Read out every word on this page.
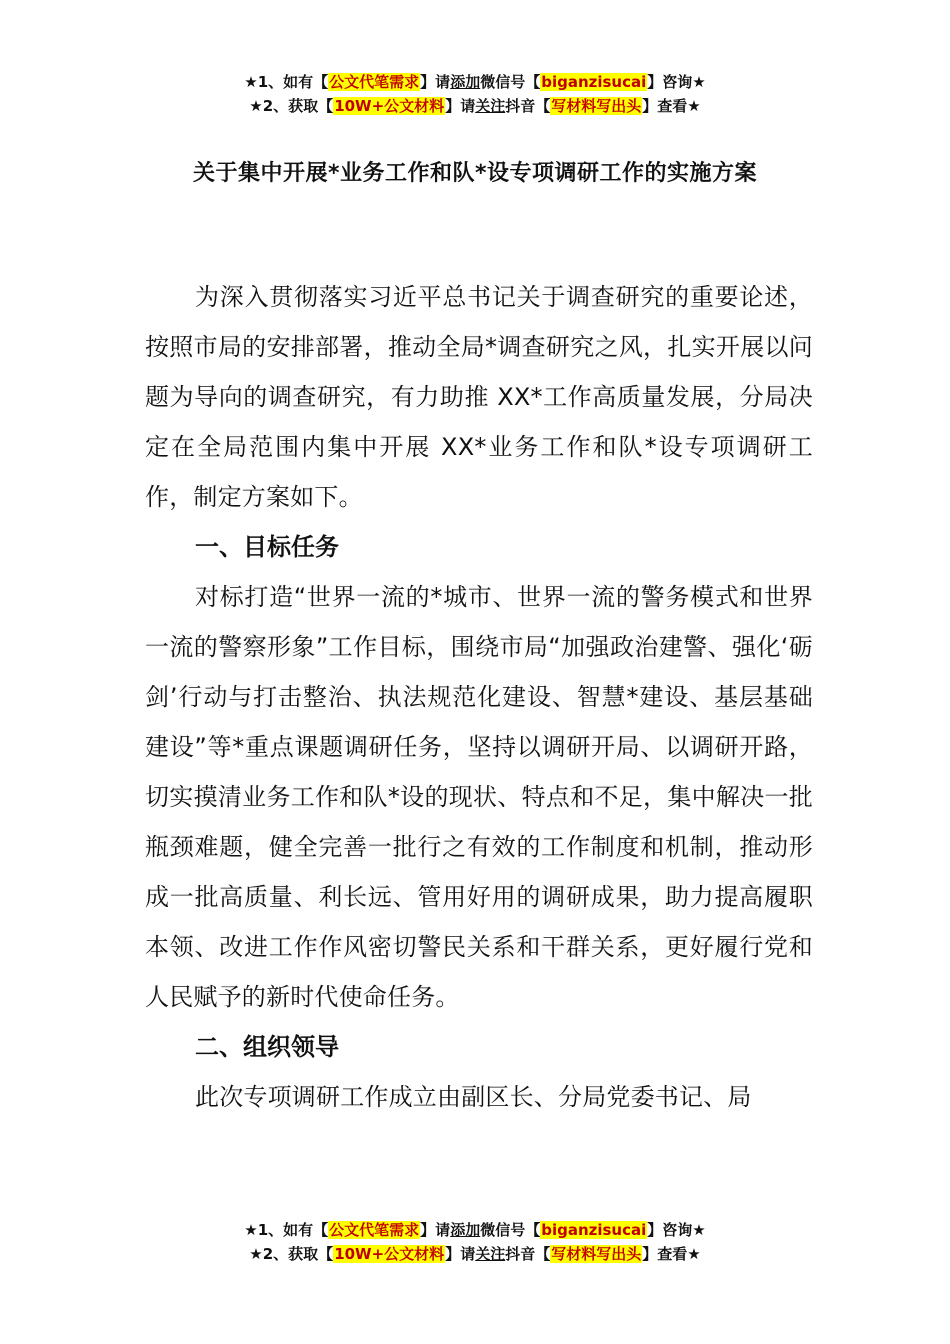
★1、如有【公文代笔需求】请添加微信号【biganzisucai】咨询★
★2、获取【10W+公文材料】请关注抖音【写材料写出头】查看★
关于集中开展*业务工作和队*设专项调研工作的实施方案

为深入贯彻落实习近平总书记关于调查研究的重要论述，按照市局的安排部署，推动全局*调查研究之风，扎实开展以问题为导向的调查研究，有力助推 XX*工作高质量发展，分局决定在全局范围内集中开展 XX*业务工作和队*设专项调研工作，制定方案如下。

一、目标任务

对标打造“世界一流的*城市、世界一流的警务模式和世界一流的警察形象”工作目标，围绕市局“加强政治建警、强化‘砺剑’行动与打击整治、执法规范化建设、智慧*建设、基层基础建设”等*重点课题调研任务，坚持以调研开局、以调研开路，切实摸清业务工作和队*设的现状、特点和不足，集中解决一批瓶颈难题，健全完善一批行之有效的工作制度和机制，推动形成一批高质量、利长远、管用好用的调研成果，助力提高履职本领、改进工作作风密切警民关系和干群关系，更好履行党和人民赋予的新时代使命任务。

二、组织领导

此次专项调研工作成立由副区长、分局党委书记、局

★1、如有【公文代笔需求】请添加微信号【biganzisucai】咨询★
★2、获取【10W+公文材料】请关注抖音【写材料写出头】查看★
